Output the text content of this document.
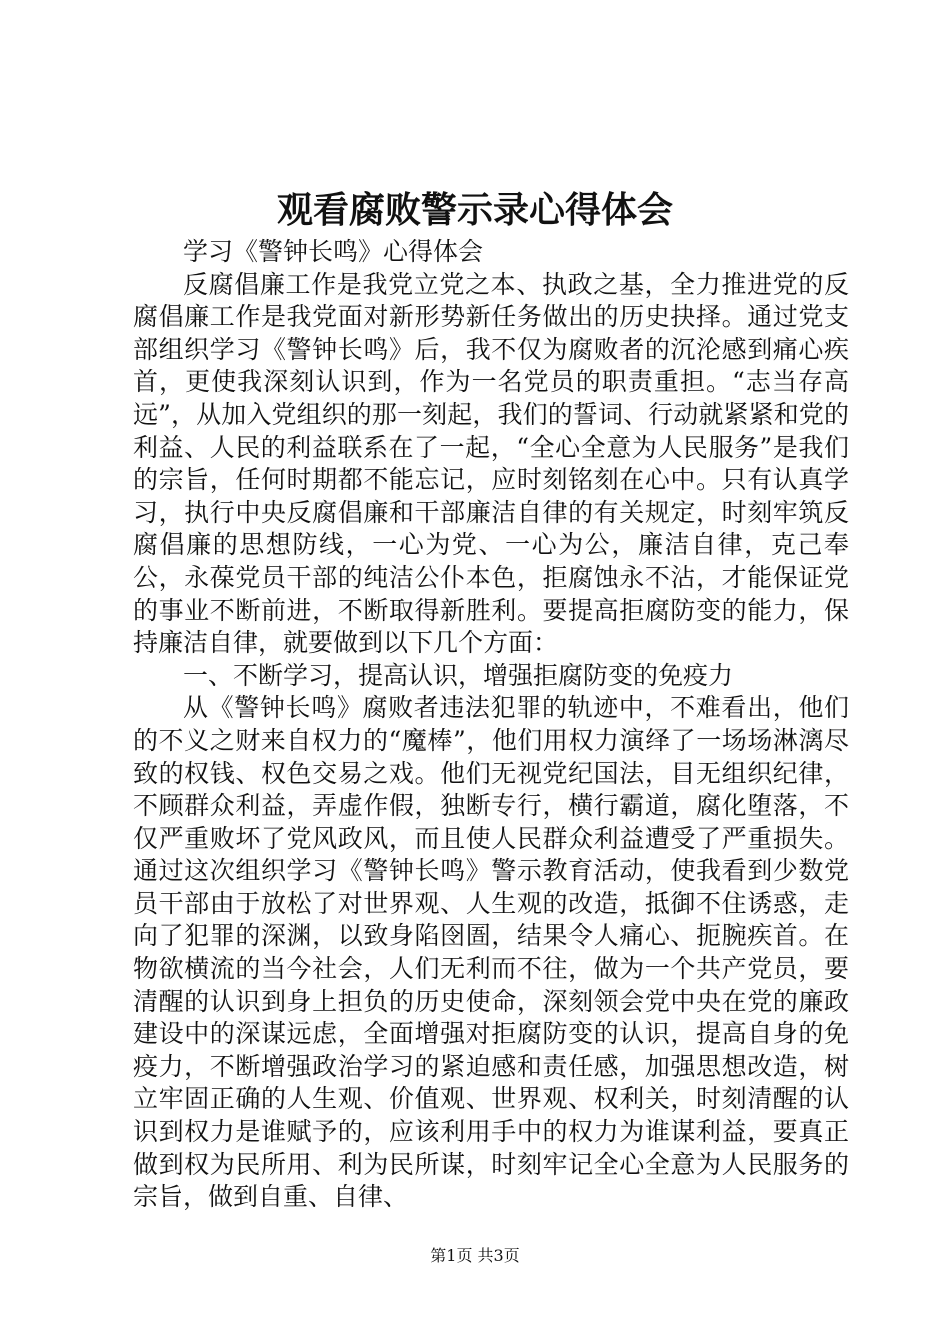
观看腐败警示录心得体会

学习《警钟长鸣》心得体会

反腐倡廉工作是我党立党之本、执政之基，全力推进党的反腐倡廉工作是我党面对新形势新任务做出的历史抉择。通过党支部组织学习《警钟长鸣》后，我不仅为腐败者的沉沦感到痛心疾首，更使我深刻认识到，作为一名党员的职责重担。“志当存高远”，从加入党组织的那一刻起，我们的誓词、行动就紧紧和党的利益、人民的利益联系在了一起，“全心全意为人民服务”是我们的宗旨，任何时期都不能忘记，应时刻铭刻在心中。只有认真学习，执行中央反腐倡廉和干部廉洁自律的有关规定，时刻牢筑反腐倡廉的思想防线，一心为党、一心为公，廉洁自律，克己奉公，永葆党员干部的纯洁公仆本色，拒腐蚀永不沾，才能保证党的事业不断前进，不断取得新胜利。要提高拒腐防变的能力，保持廉洁自律，就要做到以下几个方面：

一、不断学习，提高认识，增强拒腐防变的免疫力

从《警钟长鸣》腐败者违法犯罪的轨迹中，不难看出，他们的不义之财来自权力的“魔棒”，他们用权力演绎了一场场淋漓尽致的权钱、权色交易之戏。他们无视党纪国法，目无组织纪律，不顾群众利益，弄虚作假，独断专行，横行霸道，腐化堕落，不仅严重败坏了党风政风，而且使人民群众利益遭受了严重损失。通过这次组织学习《警钟长鸣》警示教育活动，使我看到少数党员干部由于放松了对世界观、人生观的改造，抵御不住诱惑，走向了犯罪的深渊，以致身陷囹圄，结果令人痛心、扼腕疾首。在物欲横流的当今社会，人们无利而不往，做为一个共产党员，要清醒的认识到身上担负的历史使命，深刻领会党中央在党的廉政建设中的深谋远虑，全面增强对拒腐防变的认识，提高自身的免疫力，不断增强政治学习的紧迫感和责任感，加强思想改造，树立牢固正确的人生观、价值观、世界观、权利关，时刻清醒的认识到权力是谁赋予的，应该利用手中的权力为谁谋利益，要真正做到权为民所用、利为民所谋，时刻牢记全心全意为人民服务的宗旨，做到自重、自律、

第1页 共3页
